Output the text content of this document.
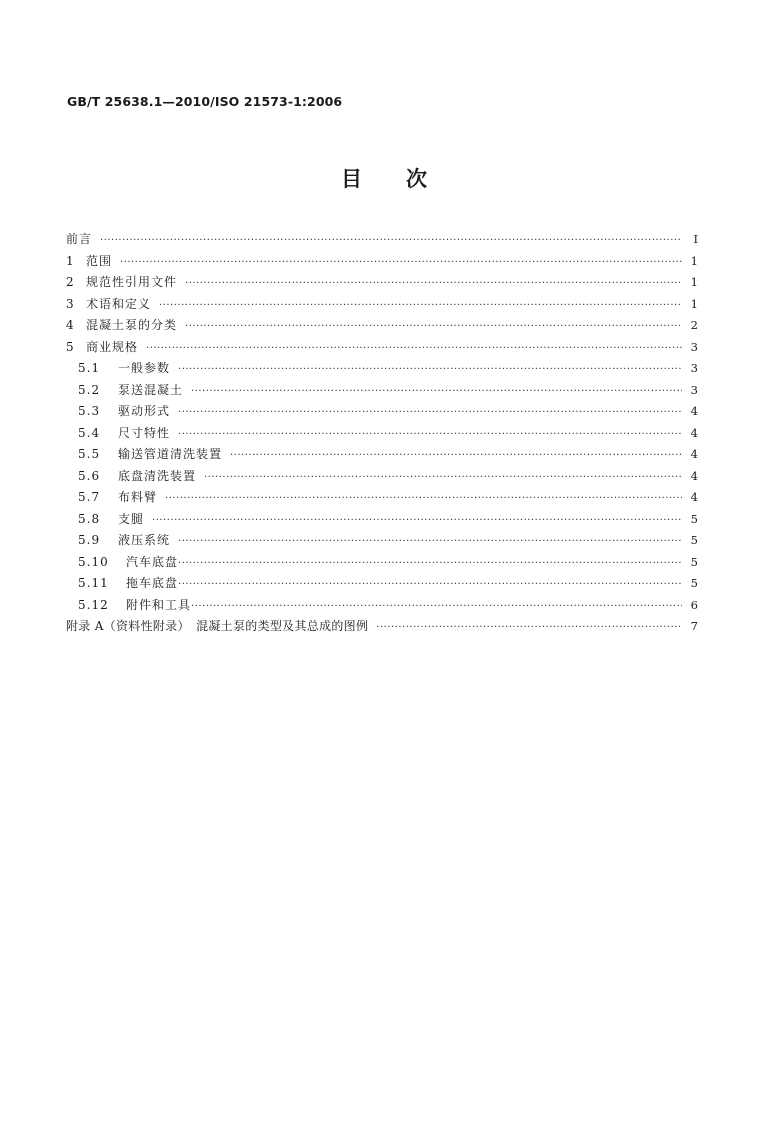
GB/T 25638.1—2010/ISO 21573-1:2006
目 次
前言 ·····	Ⅰ
1 范围 ·····	1
2 规范性引用文件 ·····	1
3 术语和定义 ·····	1
4 混凝土泵的分类 ·····	2
5 商业规格 ·····	3
5.1	一般参数 ·····	3
5.2	泵送混凝土 ·····	3
5.3	驱动形式 ·····	4
5.4	尺寸特性 ·····	4
5.5	输送管道清洗装置 ·····	4
5.6	底盘清洗装置 ·····	4
5.7	布料臂 ·····	4
5.8	支腿 ·····	5
5.9	液压系统 ·····	5
5.10	汽车底盘 ·····	5
5.11	拖车底盘 ·····	5
5.12	附件和工具 ·····	6
附录 A（资料性附录）　混凝土泵的类型及其总成的图例 ·····	7
